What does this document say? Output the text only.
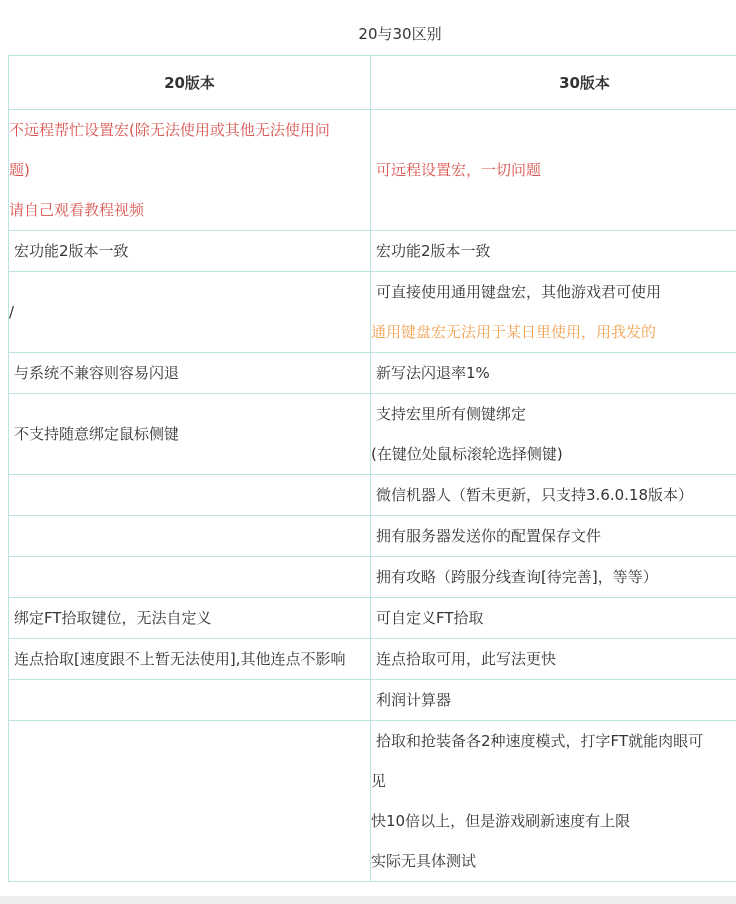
20与30区别
20版本	30版本

不远程帮忙设置宏(除无法使用或其他无法使用问
题)
请自己观看教程视频	可远程设置宏，一切问题

宏功能2版本一致	宏功能2版本一致

/	可直接使用通用键盘宏，其他游戏君可使用
通用键盘宏无法用于某日里使用，用我发的

与系统不兼容则容易闪退	新写法闪退率1%

不支持随意绑定鼠标侧键	支持宏里所有侧键绑定
(在键位处鼠标滚轮选择侧键)

	微信机器人（暂未更新，只支持3.6.0.18版本）

	拥有服务器发送你的配置保存文件

	拥有攻略（跨服分线查询[待完善]，等等）

绑定FT拾取键位，无法自定义	可自定义FT拾取

连点拾取[速度跟不上暂无法使用],其他连点不影响	连点拾取可用，此写法更快

	利润计算器

	拾取和抢装备各2种速度模式，打字FT就能肉眼可
见
快10倍以上，但是游戏刷新速度有上限
实际无具体测试
